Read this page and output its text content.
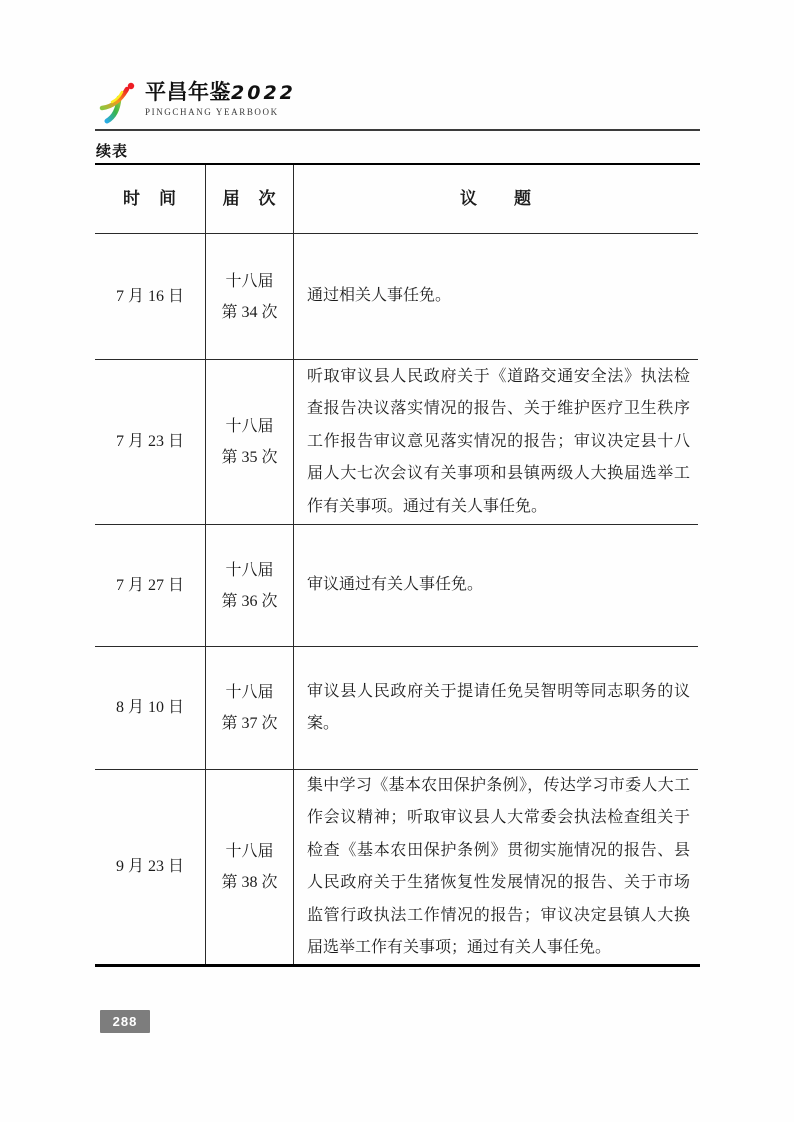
平昌年鉴2022
PINGCHANG YEARBOOK
续表
时　间	届　次	议　　题
7 月 16 日
十八届
第 34 次

通过相关人事任免。

7 月 23 日
十八届
第 35 次

听取审议县人民政府关于《道路交通安全法》执法检查报告决议落实情况的报告、关于维护医疗卫生秩序工作报告审议意见落实情况的报告；审议决定县十八届人大七次会议有关事项和县镇两级人大换届选举工作有关事项。通过有关人事任免。

7 月 27 日
十八届
第 36 次

审议通过有关人事任免。

8 月 10 日
十八届
第 37 次

审议县人民政府关于提请任免吴智明等同志职务的议案。

9 月 23 日
十八届
第 38 次

集中学习《基本农田保护条例》，传达学习市委人大工作会议精神；听取审议县人大常委会执法检查组关于检查《基本农田保护条例》贯彻实施情况的报告、县人民政府关于生猪恢复性发展情况的报告、关于市场监管行政执法工作情况的报告；审议决定县镇人大换届选举工作有关事项；通过有关人事任免。

288
